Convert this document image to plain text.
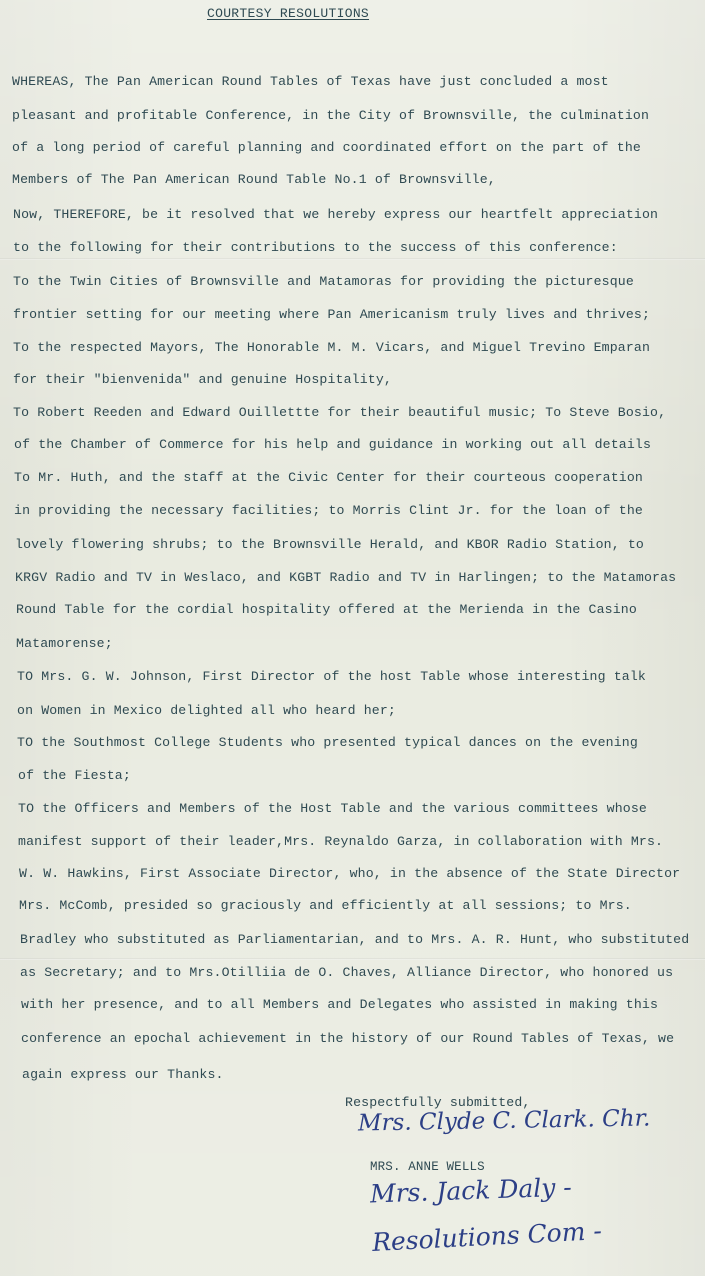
COURTESY RESOLUTIONS
WHEREAS, The Pan American Round Tables of Texas have just concluded a most
pleasant and profitable Conference, in the City of Brownsville, the culmination
of a long period of careful planning and coordinated effort on the part of the
Members of The Pan American Round Table No.1 of Brownsville,
Now, THEREFORE, be it resolved that we hereby express our heartfelt appreciation
to the following for their contributions to the success of this conference:
To the Twin Cities of Brownsville and Matamoras for providing the picturesque
frontier setting for our meeting where Pan Americanism truly lives and thrives;
To the respected Mayors, The Honorable M. M. Vicars, and Miguel Trevino Emparan
for their "bienvenida" and genuine Hospitality,
To Robert Reeden and Edward Ouillettte for their beautiful music; To Steve Bosio,
of the Chamber of Commerce for his help and guidance in working out all details
To Mr. Huth, and the staff at the Civic Center for their courteous cooperation
in providing the necessary facilities; to Morris Clint Jr. for the loan of the
lovely flowering shrubs; to the Brownsville Herald, and KBOR Radio Station, to
KRGV Radio and TV in Weslaco, and KGBT Radio and TV in Harlingen; to the Matamoras
Round Table for the cordial hospitality offered at the Merienda in the Casino
Matamorense;
TO Mrs. G. W. Johnson, First Director of the host Table whose interesting talk
on Women in Mexico delighted all who heard her;
TO the Southmost College Students who presented typical dances on the evening
of the Fiesta;
TO the Officers and Members of the Host Table and the various committees whose
manifest support of their leader,Mrs. Reynaldo Garza, in collaboration with Mrs.
W. W. Hawkins, First Associate Director, who, in the absence of the State Director
Mrs. McComb, presided so graciously and efficiently at all sessions; to Mrs.
Bradley who substituted as Parliamentarian, and to Mrs. A. R. Hunt, who substituted
as Secretary; and to Mrs.Otilliia de O. Chaves, Alliance Director, who honored us
with her presence, and to all Members and Delegates who assisted in making this
conference an epochal achievement in the history of our Round Tables of Texas, we
again express our Thanks.
Respectfully submitted,
Mrs. Clyde C. Clark. Chr.
MRS. ANNE WELLS
Mrs. Jack Daly -
Resolutions Com -
